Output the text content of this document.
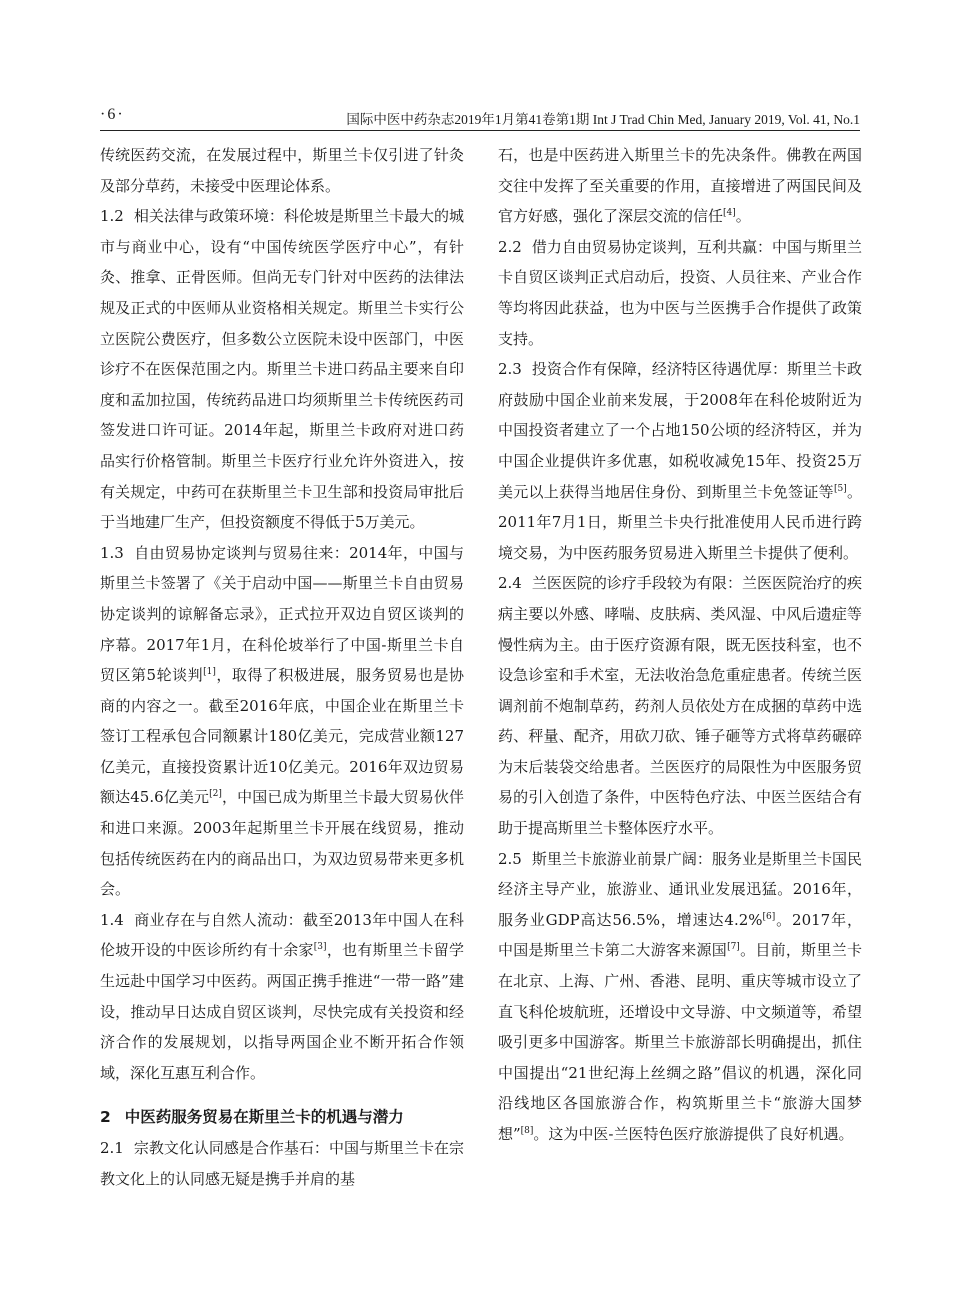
·6·	国际中医中药杂志2019年1月第41卷第1期 Int J Trad Chin Med, January 2019, Vol. 41, No.1

传统医药交流，在发展过程中，斯里兰卡仅引进了针灸及部分草药，未接受中医理论体系。

1.2 相关法律与政策环境：科伦坡是斯里兰卡最大的城市与商业中心，设有“中国传统医学医疗中心”，有针灸、推拿、正骨医师。但尚无专门针对中医药的法律法规及正式的中医师从业资格相关规定。斯里兰卡实行公立医院公费医疗，但多数公立医院未设中医部门，中医诊疗不在医保范围之内。斯里兰卡进口药品主要来自印度和孟加拉国，传统药品进口均须斯里兰卡传统医药司签发进口许可证。2014年起，斯里兰卡政府对进口药品实行价格管制。斯里兰卡医疗行业允许外资进入，按有关规定，中药可在获斯里兰卡卫生部和投资局审批后于当地建厂生产，但投资额度不得低于5万美元。

1.3 自由贸易协定谈判与贸易往来：2014年，中国与斯里兰卡签署了《关于启动中国——斯里兰卡自由贸易协定谈判的谅解备忘录》，正式拉开双边自贸区谈判的序幕。2017年1月，在科伦坡举行了中国-斯里兰卡自贸区第5轮谈判[1]，取得了积极进展，服务贸易也是协商的内容之一。截至2016年底，中国企业在斯里兰卡签订工程承包合同额累计180亿美元，完成营业额127亿美元，直接投资累计近10亿美元。2016年双边贸易额达45.6亿美元[2]，中国已成为斯里兰卡最大贸易伙伴和进口来源。2003年起斯里兰卡开展在线贸易，推动包括传统医药在内的商品出口，为双边贸易带来更多机会。

1.4 商业存在与自然人流动：截至2013年中国人在科伦坡开设的中医诊所约有十余家[3]，也有斯里兰卡留学生远赴中国学习中医药。两国正携手推进“一带一路”建设，推动早日达成自贸区谈判，尽快完成有关投资和经济合作的发展规划，以指导两国企业不断开拓合作领域，深化互惠互利合作。

2 中医药服务贸易在斯里兰卡的机遇与潜力

2.1 宗教文化认同感是合作基石：中国与斯里兰卡在宗教文化上的认同感无疑是携手并肩的基

石，也是中医药进入斯里兰卡的先决条件。佛教在两国交往中发挥了至关重要的作用，直接增进了两国民间及官方好感，强化了深层交流的信任[4]。

2.2 借力自由贸易协定谈判，互利共赢：中国与斯里兰卡自贸区谈判正式启动后，投资、人员往来、产业合作等均将因此获益，也为中医与兰医携手合作提供了政策支持。

2.3 投资合作有保障，经济特区待遇优厚：斯里兰卡政府鼓励中国企业前来发展，于2008年在科伦坡附近为中国投资者建立了一个占地150公顷的经济特区，并为中国企业提供许多优惠，如税收减免15年、投资25万美元以上获得当地居住身份、到斯里兰卡免签证等[5]。2011年7月1日，斯里兰卡央行批准使用人民币进行跨境交易，为中医药服务贸易进入斯里兰卡提供了便利。

2.4 兰医医院的诊疗手段较为有限：兰医医院治疗的疾病主要以外感、哮喘、皮肤病、类风湿、中风后遗症等慢性病为主。由于医疗资源有限，既无医技科室，也不设急诊室和手术室，无法收治急危重症患者。传统兰医调剂前不炮制草药，药剂人员依处方在成捆的草药中选药、秤量、配齐，用砍刀砍、锤子砸等方式将草药碾碎为末后装袋交给患者。兰医医疗的局限性为中医服务贸易的引入创造了条件，中医特色疗法、中医兰医结合有助于提高斯里兰卡整体医疗水平。

2.5 斯里兰卡旅游业前景广阔：服务业是斯里兰卡国民经济主导产业，旅游业、通讯业发展迅猛。2016年，服务业GDP高达56.5%，增速达4.2%[6]。2017年，中国是斯里兰卡第二大游客来源国[7]。目前，斯里兰卡在北京、上海、广州、香港、昆明、重庆等城市设立了直飞科伦坡航班，还增设中文导游、中文频道等，希望吸引更多中国游客。斯里兰卡旅游部长明确提出，抓住中国提出“21世纪海上丝绸之路”倡议的机遇，深化同沿线地区各国旅游合作，构筑斯里兰卡“旅游大国梦想”[8]。这为中医-兰医特色医疗旅游提供了良好机遇。
